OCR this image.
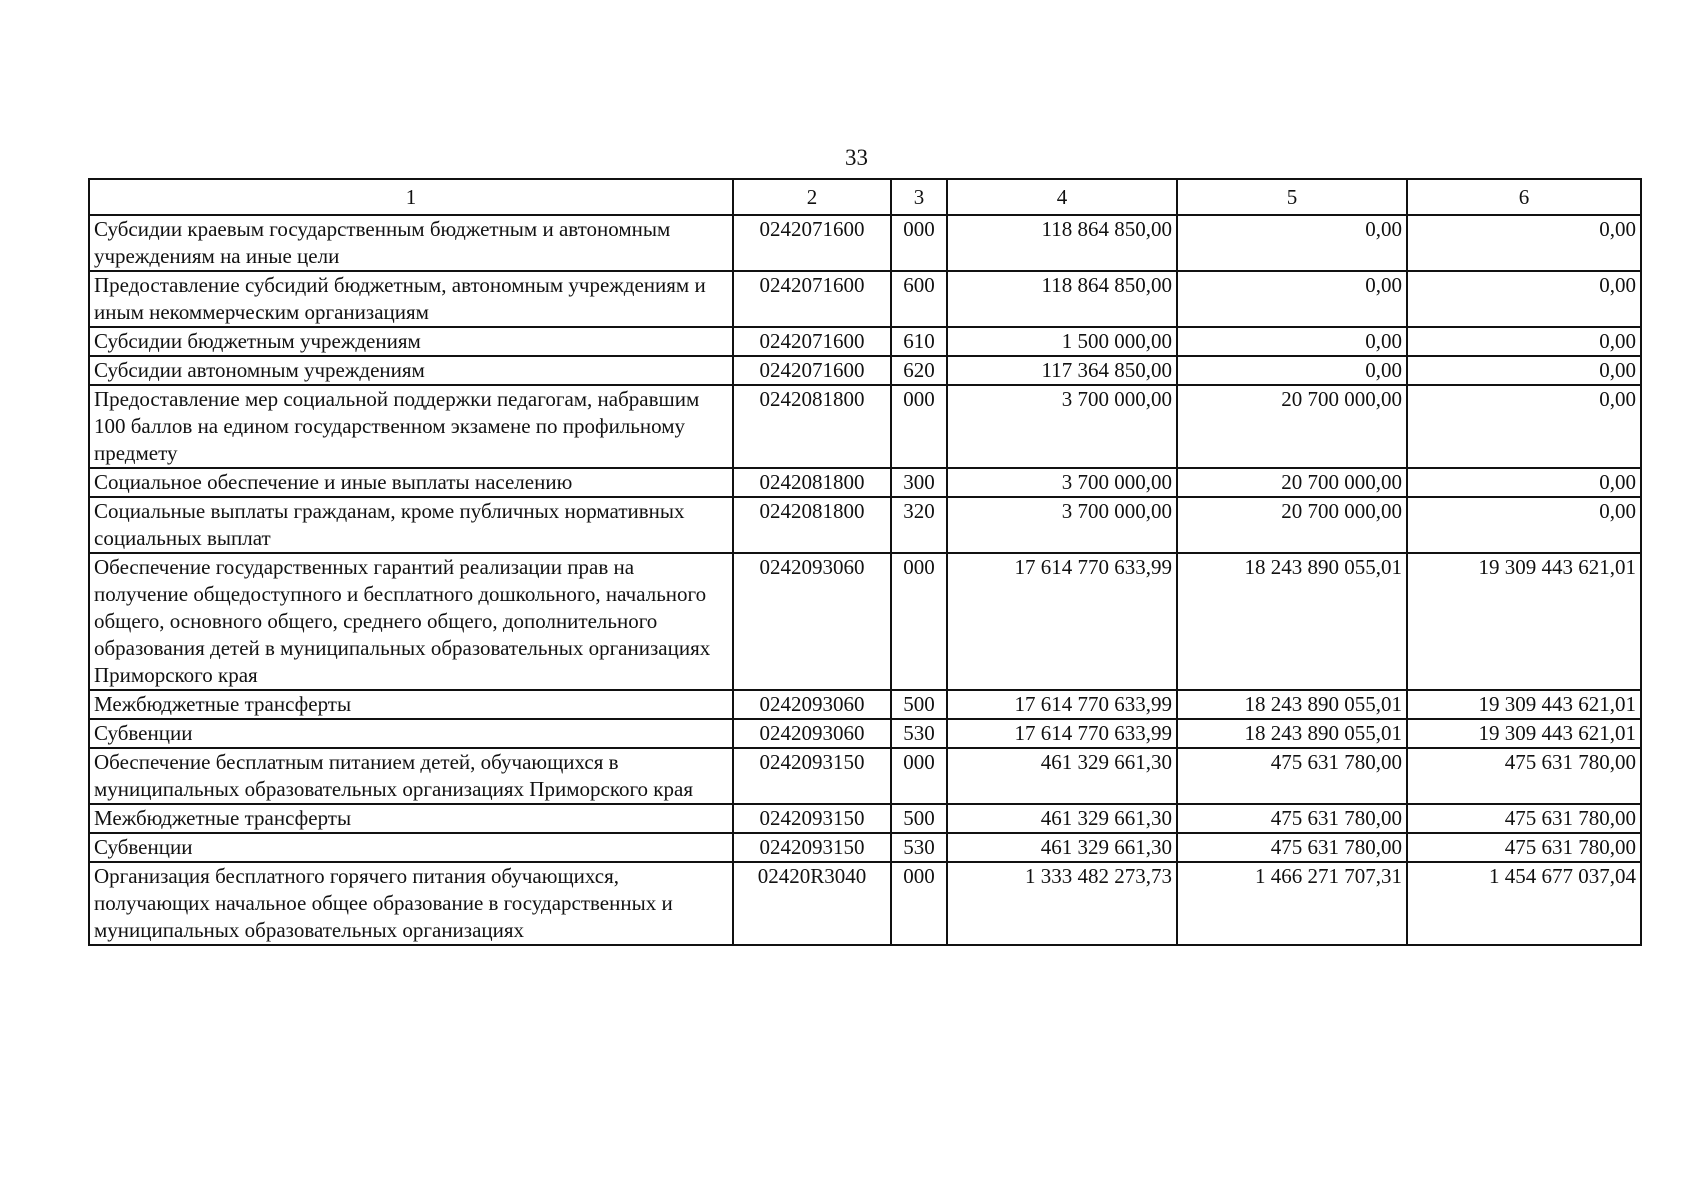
33
1	2	3	4	5	6
Субсидии краевым государственным бюджетным и автономным учреждениям на иные цели	0242071600	000	118 864 850,00	0,00	0,00
Предоставление субсидий бюджетным, автономным учреждениям и иным некоммерческим организациям	0242071600	600	118 864 850,00	0,00	0,00
Субсидии бюджетным учреждениям	0242071600	610	1 500 000,00	0,00	0,00
Субсидии автономным учреждениям	0242071600	620	117 364 850,00	0,00	0,00
Предоставление мер социальной поддержки педагогам, набравшим 100 баллов на едином государственном экзамене по профильному предмету	0242081800	000	3 700 000,00	20 700 000,00	0,00
Социальное обеспечение и иные выплаты населению	0242081800	300	3 700 000,00	20 700 000,00	0,00
Социальные выплаты гражданам, кроме публичных нормативных социальных выплат	0242081800	320	3 700 000,00	20 700 000,00	0,00
Обеспечение государственных гарантий реализации прав на получение общедоступного и бесплатного дошкольного, начального общего, основного общего, среднего общего, дополнительного образования детей в муниципальных образовательных организациях Приморского края	0242093060	000	17 614 770 633,99	18 243 890 055,01	19 309 443 621,01
Межбюджетные трансферты	0242093060	500	17 614 770 633,99	18 243 890 055,01	19 309 443 621,01
Субвенции	0242093060	530	17 614 770 633,99	18 243 890 055,01	19 309 443 621,01
Обеспечение бесплатным питанием детей, обучающихся в муниципальных образовательных организациях Приморского края	0242093150	000	461 329 661,30	475 631 780,00	475 631 780,00
Межбюджетные трансферты	0242093150	500	461 329 661,30	475 631 780,00	475 631 780,00
Субвенции	0242093150	530	461 329 661,30	475 631 780,00	475 631 780,00
Организация бесплатного горячего питания обучающихся, получающих начальное общее образование в государственных и муниципальных образовательных организациях	02420R3040	000	1 333 482 273,73	1 466 271 707,31	1 454 677 037,04
